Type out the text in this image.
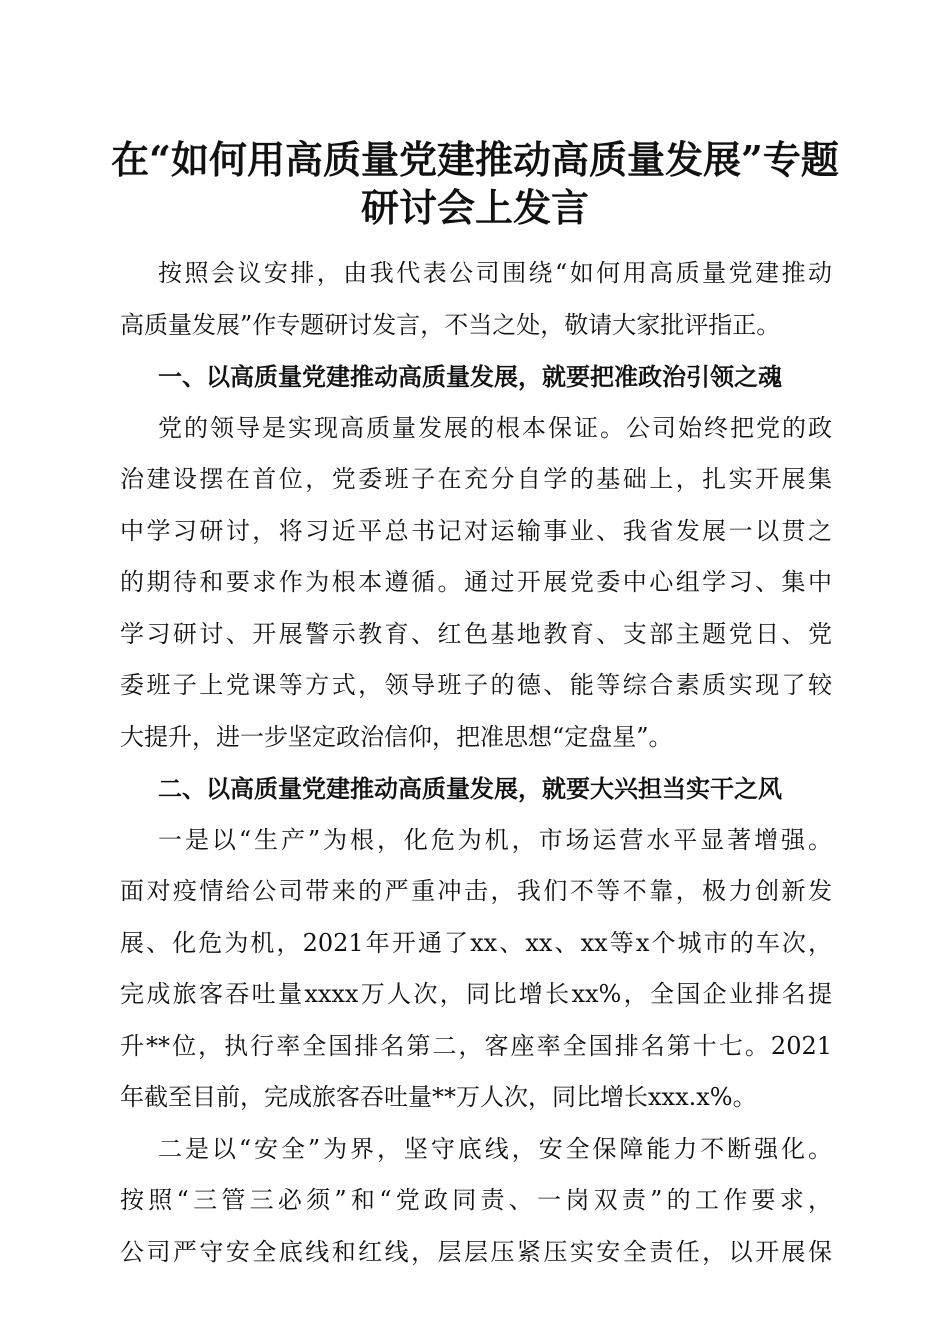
在“如何用高质量党建推动高质量发展”专题
研讨会上发言
按照会议安排，由我代表公司围绕“如何用高质量党建推动
高质量发展”作专题研讨发言，不当之处，敬请大家批评指正。
一、以高质量党建推动高质量发展，就要把准政治引领之魂
党的领导是实现高质量发展的根本保证。公司始终把党的政
治建设摆在首位，党委班子在充分自学的基础上，扎实开展集
中学习研讨，将习近平总书记对运输事业、我省发展一以贯之
的期待和要求作为根本遵循。通过开展党委中心组学习、集中
学习研讨、开展警示教育、红色基地教育、支部主题党日、党
委班子上党课等方式，领导班子的德、能等综合素质实现了较
大提升，进一步坚定政治信仰，把准思想“定盘星”。
二、以高质量党建推动高质量发展，就要大兴担当实干之风
一是以“生产”为根，化危为机，市场运营水平显著增强。
面对疫情给公司带来的严重冲击，我们不等不靠，极力创新发
展、化危为机，2021年开通了xx、xx、xx等x个城市的车次，
完成旅客吞吐量xxxx万人次，同比增长xx%，全国企业排名提
升**位，执行率全国排名第二，客座率全国排名第十七。2021
年截至目前，完成旅客吞吐量**万人次，同比增长xxx.x%。
二是以“安全”为界，坚守底线，安全保障能力不断强化。
按照“三管三必须”和“党政同责、一岗双责”的工作要求，
公司严守安全底线和红线，层层压紧压实安全责任，以开展保
